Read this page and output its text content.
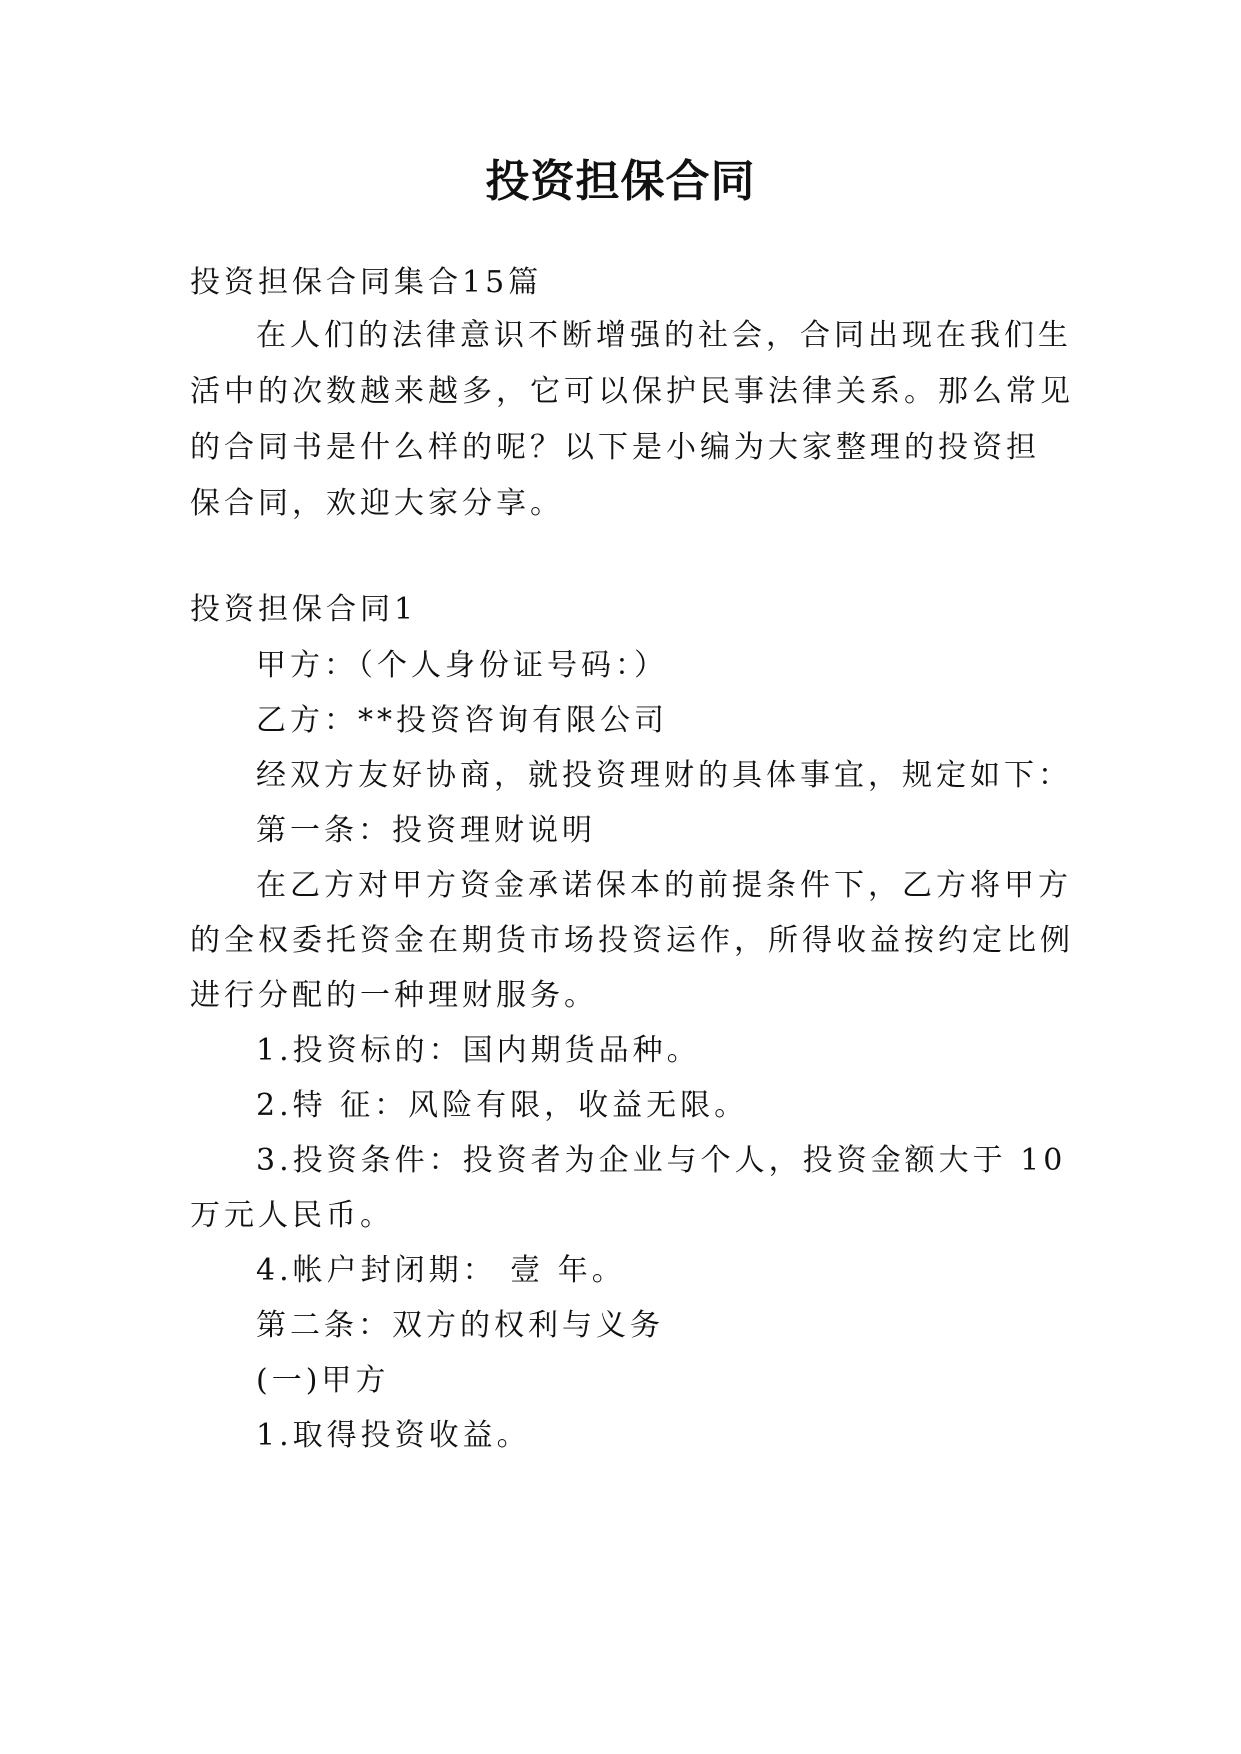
投资担保合同
投资担保合同集合15篇
在人们的法律意识不断增强的社会，合同出现在我们生
活中的次数越来越多，它可以保护民事法律关系。那么常见
的合同书是什么样的呢？以下是小编为大家整理的投资担
保合同，欢迎大家分享。
投资担保合同1
甲方：（个人身份证号码：）
乙方：**投资咨询有限公司
经双方友好协商，就投资理财的具体事宜，规定如下：
第一条：投资理财说明
在乙方对甲方资金承诺保本的前提条件下，乙方将甲方
的全权委托资金在期货市场投资运作，所得收益按约定比例
进行分配的一种理财服务。
1.投资标的：国内期货品种。
2.特 征：风险有限，收益无限。
3.投资条件：投资者为企业与个人，投资金额大于 10
万元人民币。
4.帐户封闭期： 壹 年。
第二条：双方的权利与义务
(一)甲方
1.取得投资收益。
